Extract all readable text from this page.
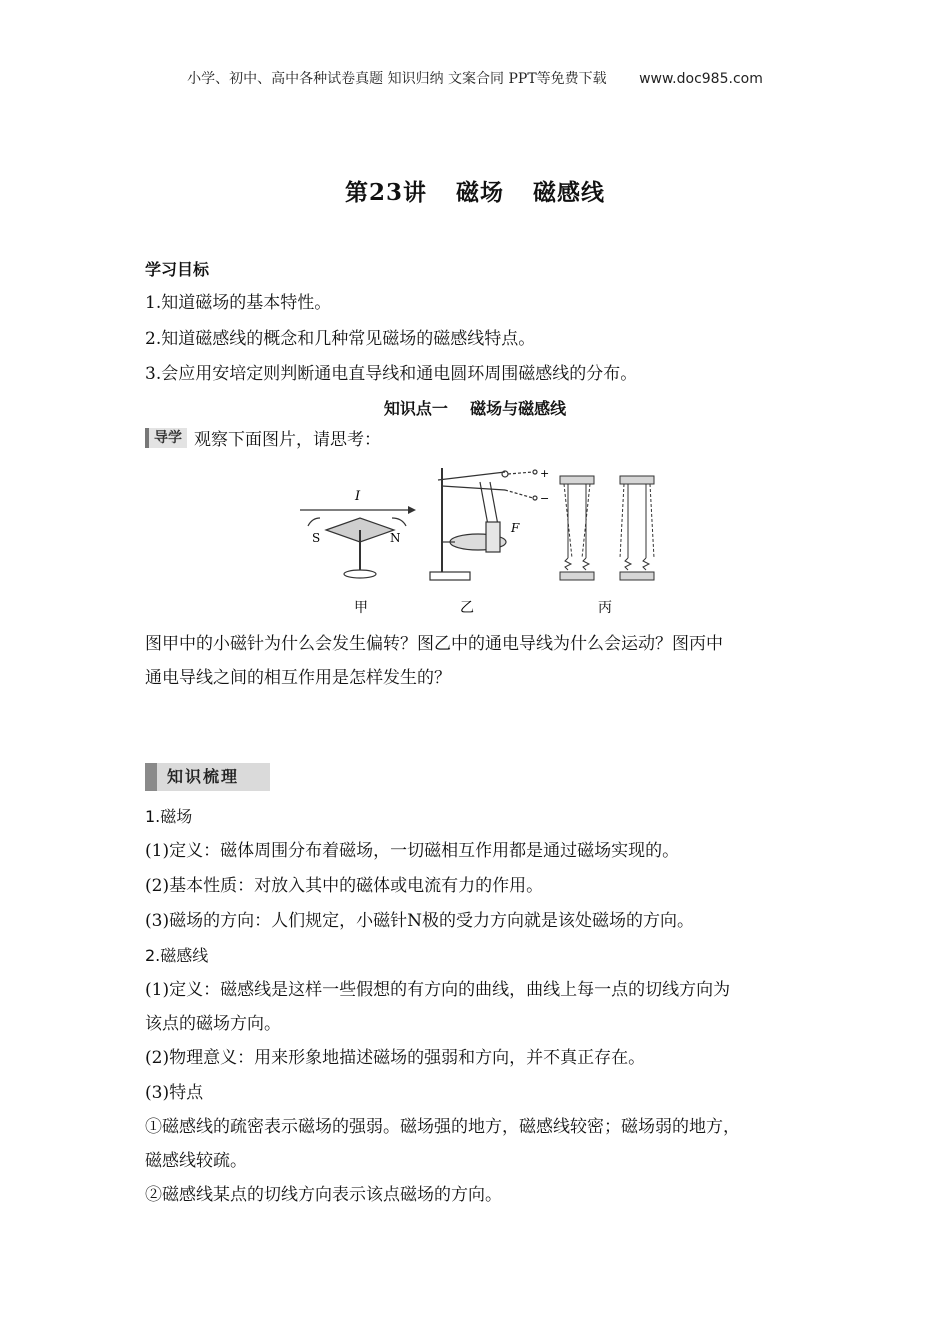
小学、初中、高中各种试卷真题 知识归纳 文案合同 PPT等免费下载 www.doc985.com
第23讲 磁场 磁感线
学习目标
1.知道磁场的基本特性。
2.知道磁感线的概念和几种常见磁场的磁感线特点。
3.会应用安培定则判断通电直导线和通电圆环周围磁感线的分布。
知识点一    磁场与磁感线
导学 观察下面图片，请思考：
I
S	N
甲
F
+
−
乙	丙
图甲中的小磁针为什么会发生偏转？图乙中的通电导线为什么会运动？图丙中
通电导线之间的相互作用是怎样发生的？
知识梳理
1.磁场
(1)定义：磁体周围分布着磁场，一切磁相互作用都是通过磁场实现的。
(2)基本性质：对放入其中的磁体或电流有力的作用。
(3)磁场的方向：人们规定，小磁针N极的受力方向就是该处磁场的方向。
2.磁感线
(1)定义：磁感线是这样一些假想的有方向的曲线，曲线上每一点的切线方向为
该点的磁场方向。
(2)物理意义：用来形象地描述磁场的强弱和方向，并不真正存在。
(3)特点
①磁感线的疏密表示磁场的强弱。磁场强的地方，磁感线较密；磁场弱的地方，
磁感线较疏。
②磁感线某点的切线方向表示该点磁场的方向。
